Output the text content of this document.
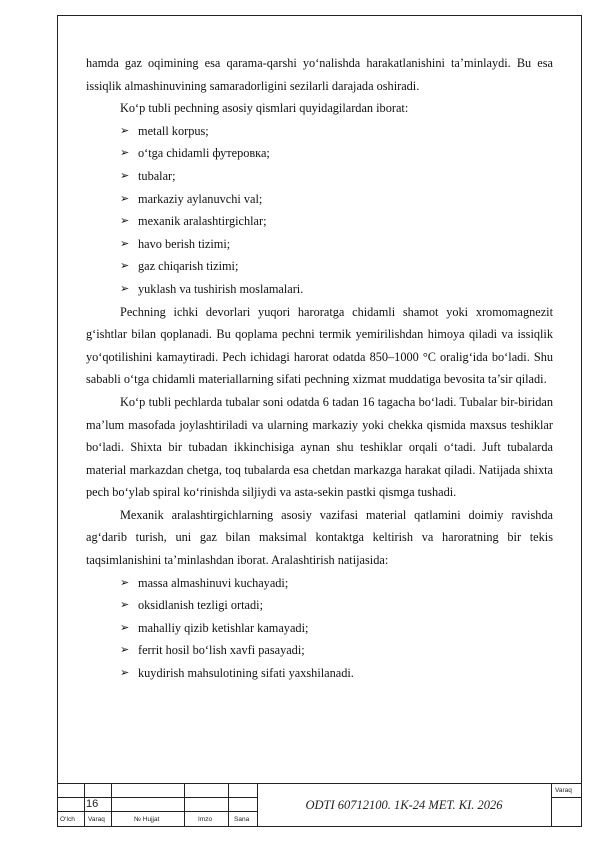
hamda gaz oqimining esa qarama-qarshi yo‘nalishda harakatlanishini ta’minlaydi. Bu esa issiqlik almashinuvining samaradorligini sezilarli darajada oshiradi.

Ko‘p tubli pechning asosiy qismlari quyidagilardan iborat:

➢ metall korpus;
➢ o‘tga chidamli футеровка;
➢ tubalar;
➢ markaziy aylanuvchi val;
➢ mexanik aralashtirgichlar;
➢ havo berish tizimi;
➢ gaz chiqarish tizimi;
➢ yuklash va tushirish moslamalari.

Pechning ichki devorlari yuqori haroratga chidamli shamot yoki xromomagnezit g‘ishtlar bilan qoplanadi. Bu qoplama pechni termik yemirilishdan himoya qiladi va issiqlik yo‘qotilishini kamaytiradi. Pech ichidagi harorat odatda 850–1000 °C oralig‘ida bo‘ladi. Shu sababli o‘tga chidamli materiallarning sifati pechning xizmat muddatiga bevosita ta’sir qiladi.

Ko‘p tubli pechlarda tubalar soni odatda 6 tadan 16 tagacha bo‘ladi. Tubalar bir-biridan ma’lum masofada joylashtiriladi va ularning markaziy yoki chekka qismida maxsus teshiklar bo‘ladi. Shixta bir tubadan ikkinchisiga aynan shu teshiklar orqali o‘tadi. Juft tubalarda material markazdan chetga, toq tubalarda esa chetdan markazga harakat qiladi. Natijada shixta pech bo‘ylab spiral ko‘rinishda siljiydi va asta-sekin pastki qismga tushadi.

Mexanik aralashtirgichlarning asosiy vazifasi material qatlamini doimiy ravishda ag‘darib turish, uni gaz bilan maksimal kontaktga keltirish va haroratning bir tekis taqsimlanishini ta’minlashdan iborat. Aralashtirish natijasida:

➢ massa almashinuvi kuchayadi;
➢ oksidlanish tezligi ortadi;
➢ mahalliy qizib ketishlar kamayadi;
➢ ferrit hosil bo‘lish xavfi pasayadi;
➢ kuydirish mahsulotining sifati yaxshilanadi.
16	ODTI 60712100. 1K-24 MET. KI. 2026
Varaq
O‘lch Varaq	№ Hujjat	Imzo	Sana
